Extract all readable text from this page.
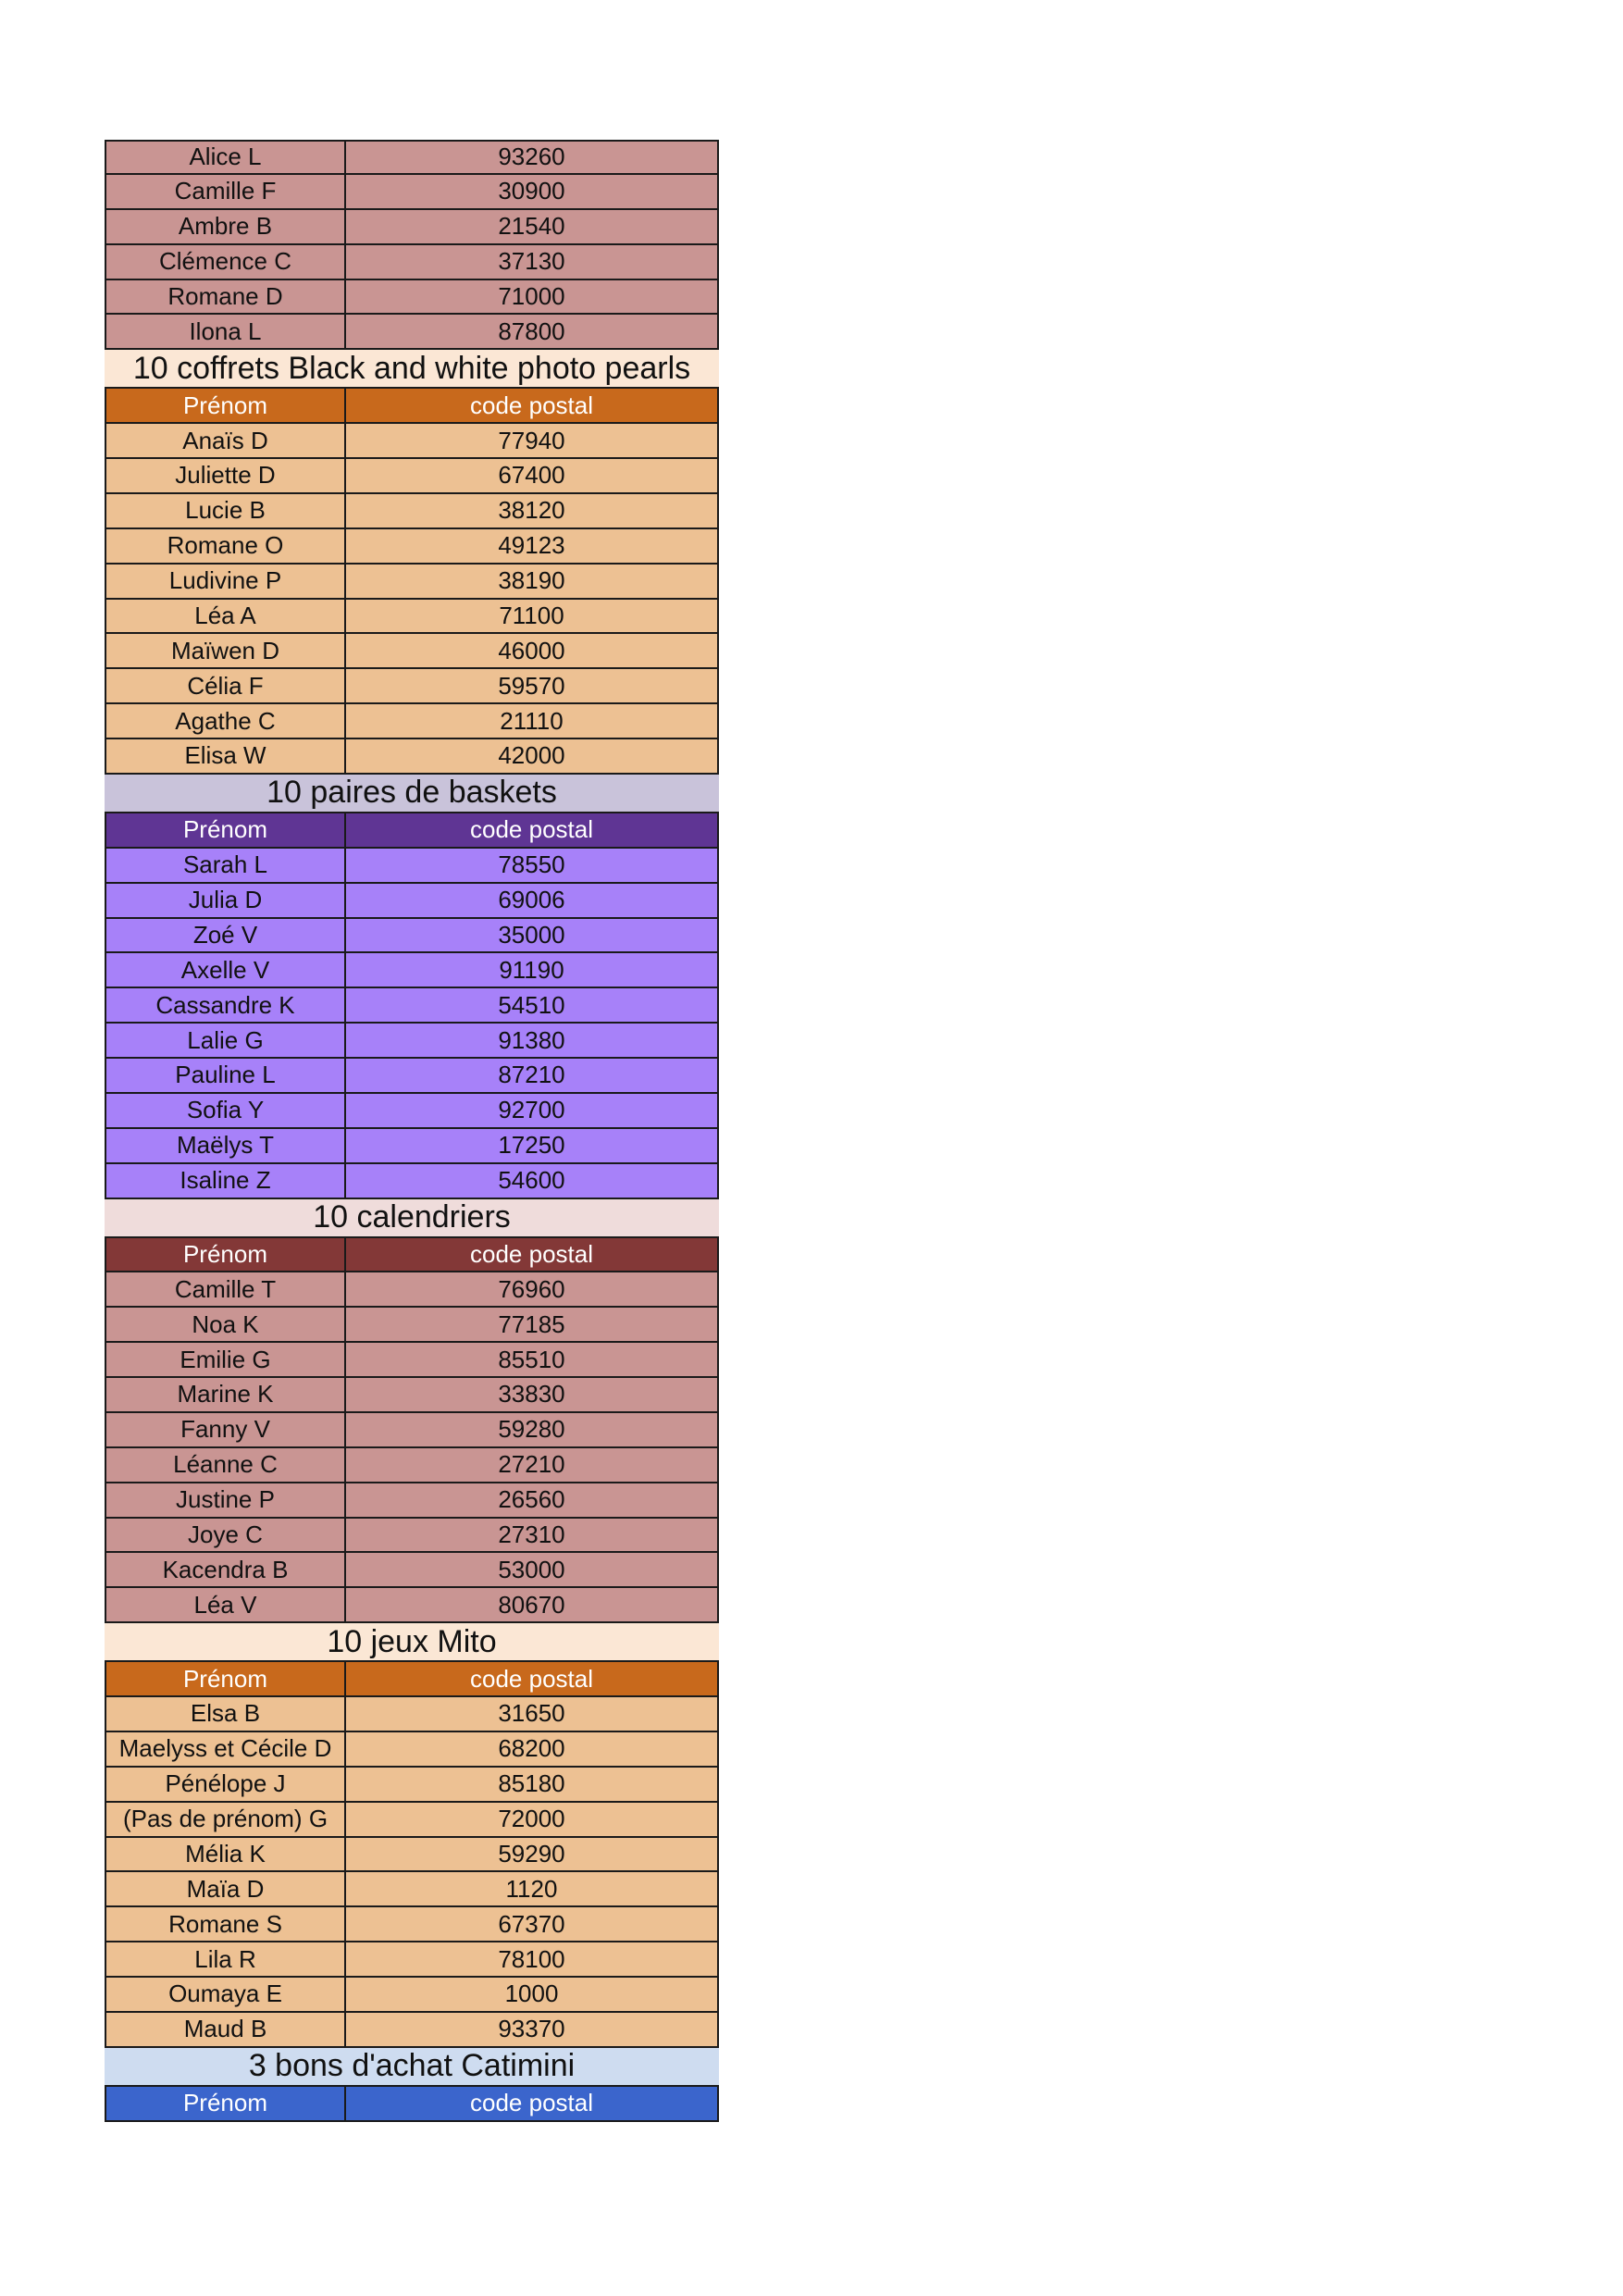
Alice L	93260
Camille F	30900
Ambre B	21540
Clémence C	37130
Romane D	71000
Ilona L	87800
10 coffrets Black and white photo pearls
Prénom	code postal
Anaïs D	77940
Juliette D	67400
Lucie B	38120
Romane O	49123
Ludivine P	38190
Léa A	71100
Maïwen D	46000
Célia F	59570
Agathe C	21110
Elisa W	42000
10 paires de baskets
Prénom	code postal
Sarah L	78550
Julia D	69006
Zoé V	35000
Axelle V	91190
Cassandre K	54510
Lalie G	91380
Pauline L	87210
Sofia Y	92700
Maëlys T	17250
Isaline Z	54600
10 calendriers
Prénom	code postal
Camille T	76960
Noa K	77185
Emilie G	85510
Marine K	33830
Fanny V	59280
Léanne C	27210
Justine P	26560
Joye C	27310
Kacendra B	53000
Léa V	80670
10 jeux Mito
Prénom	code postal
Elsa B	31650
Maelyss et Cécile D	68200
Pénélope J	85180
(Pas de prénom) G	72000
Mélia K	59290
Maïa D	1120
Romane S	67370
Lila R	78100
Oumaya E	1000
Maud B	93370
3 bons d'achat Catimini
Prénom	code postal
